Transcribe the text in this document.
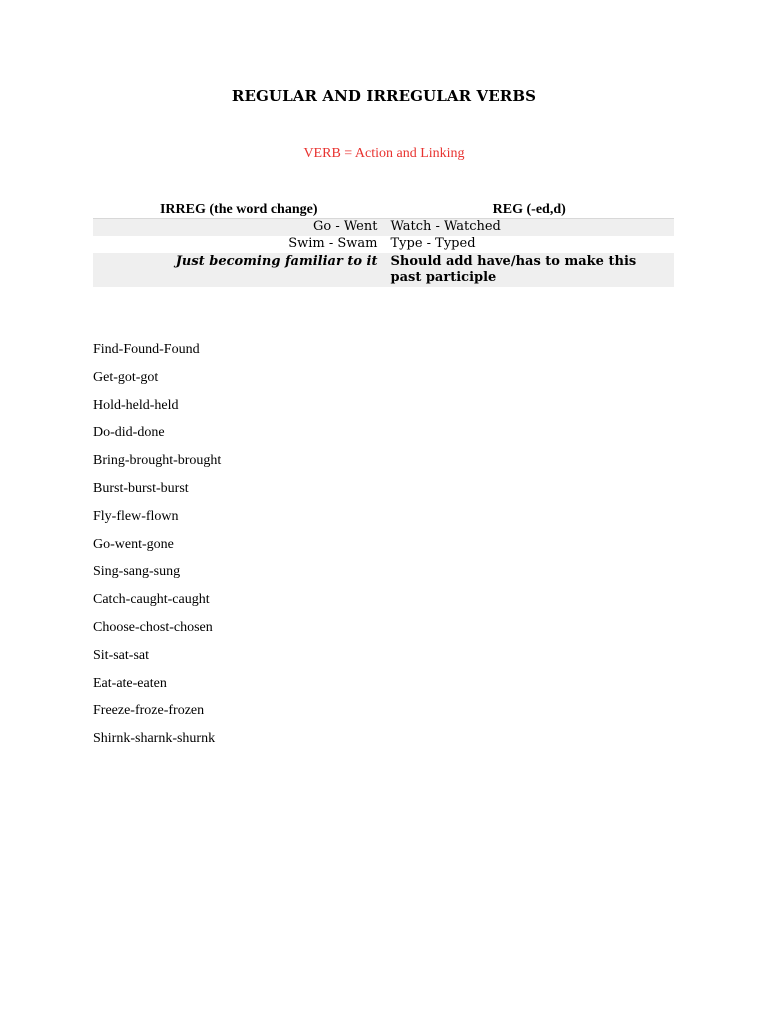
REGULAR AND IRREGULAR VERBS
VERB = Action and Linking
IRREG (the word change)	REG (-ed,d)
Go - Went	Watch - Watched
Swim - Swam	Type - Typed
Just becoming familiar to it	Should add have/has to make this past participle
Find-Found-Found
Get-got-got
Hold-held-held
Do-did-done
Bring-brought-brought
Burst-burst-burst
Fly-flew-flown
Go-went-gone
Sing-sang-sung
Catch-caught-caught
Choose-chost-chosen
Sit-sat-sat
Eat-ate-eaten
Freeze-froze-frozen
Shirnk-sharnk-shurnk
